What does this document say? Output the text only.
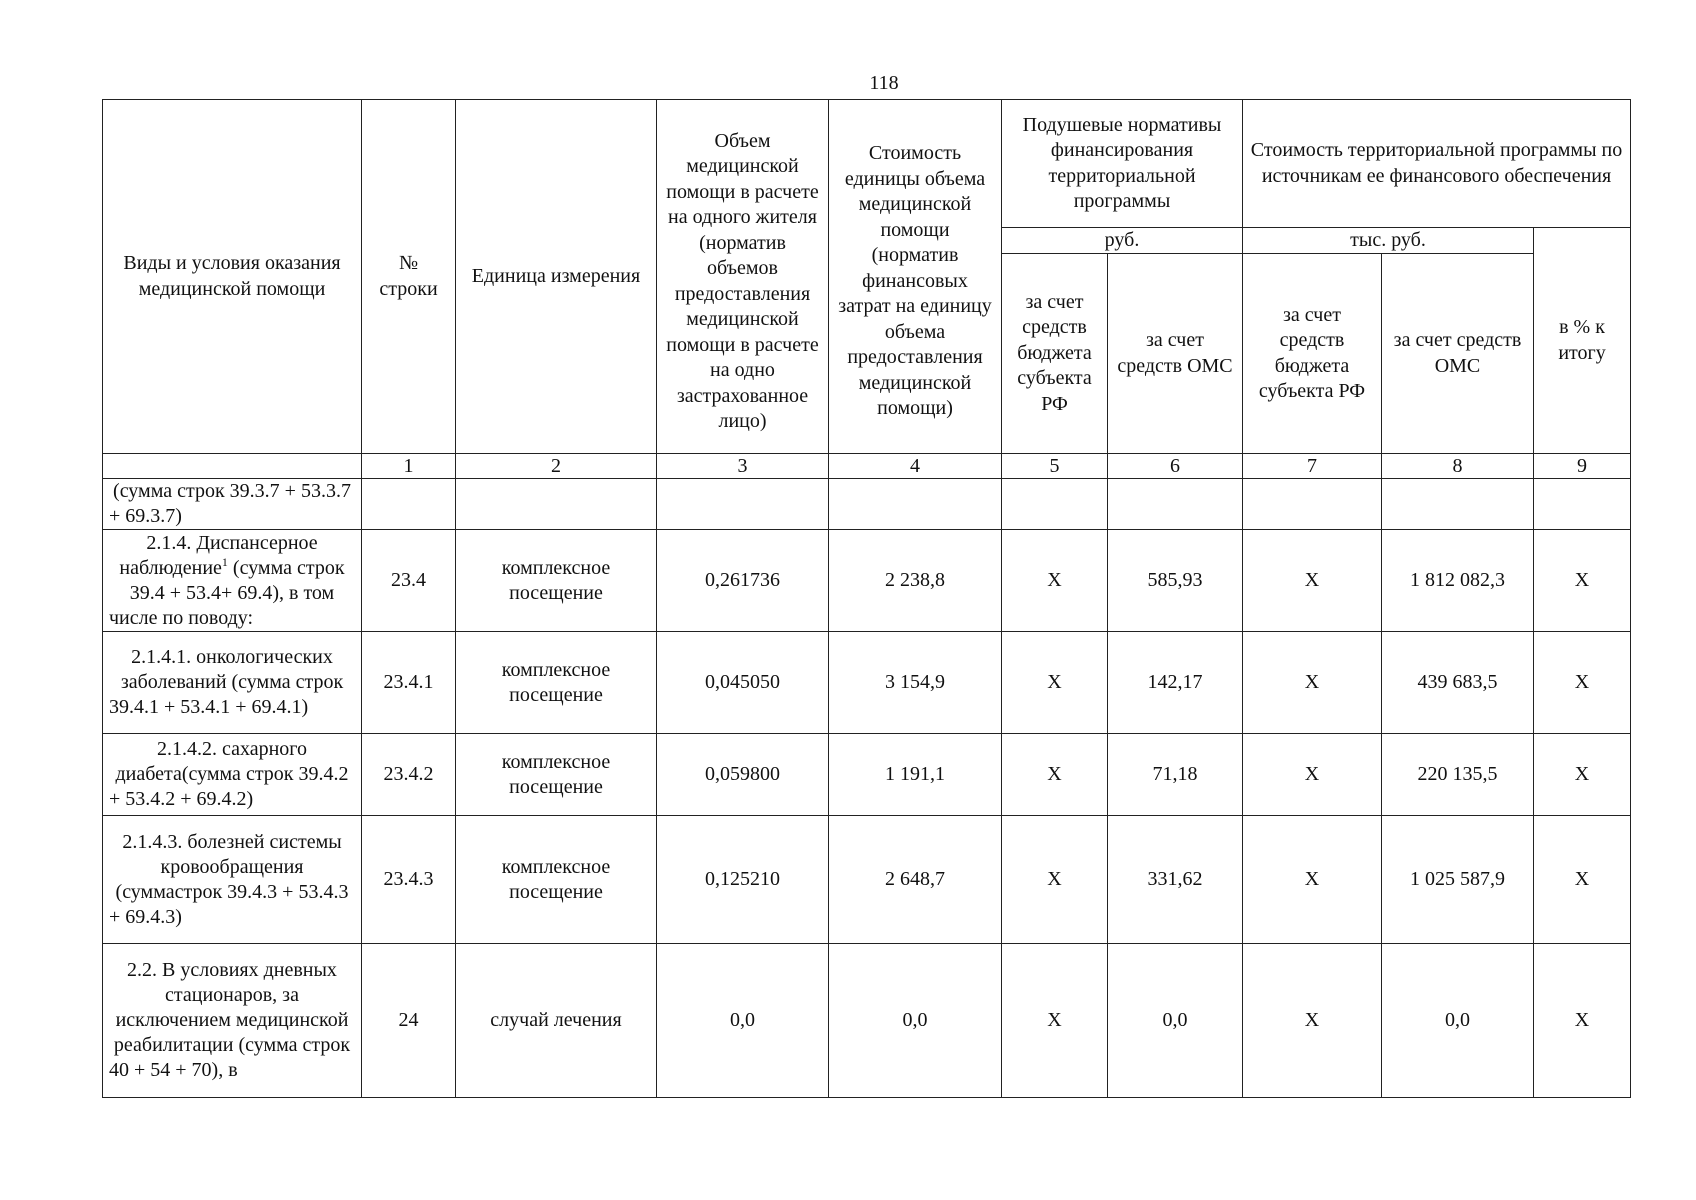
118
Виды и условия оказания медицинской помощи	№ строки	Единица измерения	Объем медицинской помощи в расчете на одного жителя (норматив объемов предоставления медицинской помощи в расчете на одно застрахованное лицо)	Стоимость единицы объема медицинской помощи (норматив финансовых затрат на единицу объема предоставления медицинской помощи)	Подушевые нормативы финансирования территориальной программы		Стоимость территориальной программы по источникам ее финансового обеспечения		
					руб.		тыс. руб.		в % к итогу
					за счет средств бюджета субъекта РФ	за счет средств ОМС	за счет средств бюджета субъекта РФ	за счет средств ОМС	
	1	2	3	4	5	6	7	8	9
(сумма строк 39.3.7 + 53.3.7 + 69.3.7)									
2.1.4. Диспансерное наблюдение$^1$ (сумма строк 39.4 + 53.4+ 69.4), в том числе по поводу:	23.4	комплексное посещение	0,261736	2 238,8	Х	585,93	Х	1 812 082,3	Х
2.1.4.1. онкологических заболеваний (сумма строк 39.4.1 + 53.4.1 + 69.4.1)	23.4.1	комплексное посещение	0,045050	3 154,9	Х	142,17	Х	439 683,5	Х
2.1.4.2. сахарного диабета(сумма строк 39.4.2 + 53.4.2 + 69.4.2)	23.4.2	комплексное посещение	0,059800	1 191,1	Х	71,18	Х	220 135,5	Х
2.1.4.3. болезней системы кровообращения (суммастрок 39.4.3 + 53.4.3 + 69.4.3)	23.4.3	комплексное посещение	0,125210	2 648,7	Х	331,62	Х	1 025 587,9	Х
2.2. В условиях дневных стационаров, за исключением медицинской реабилитации (сумма строк 40 + 54 + 70), в	24	случай лечения	0,0	0,0	Х	0,0	Х	0,0	Х
